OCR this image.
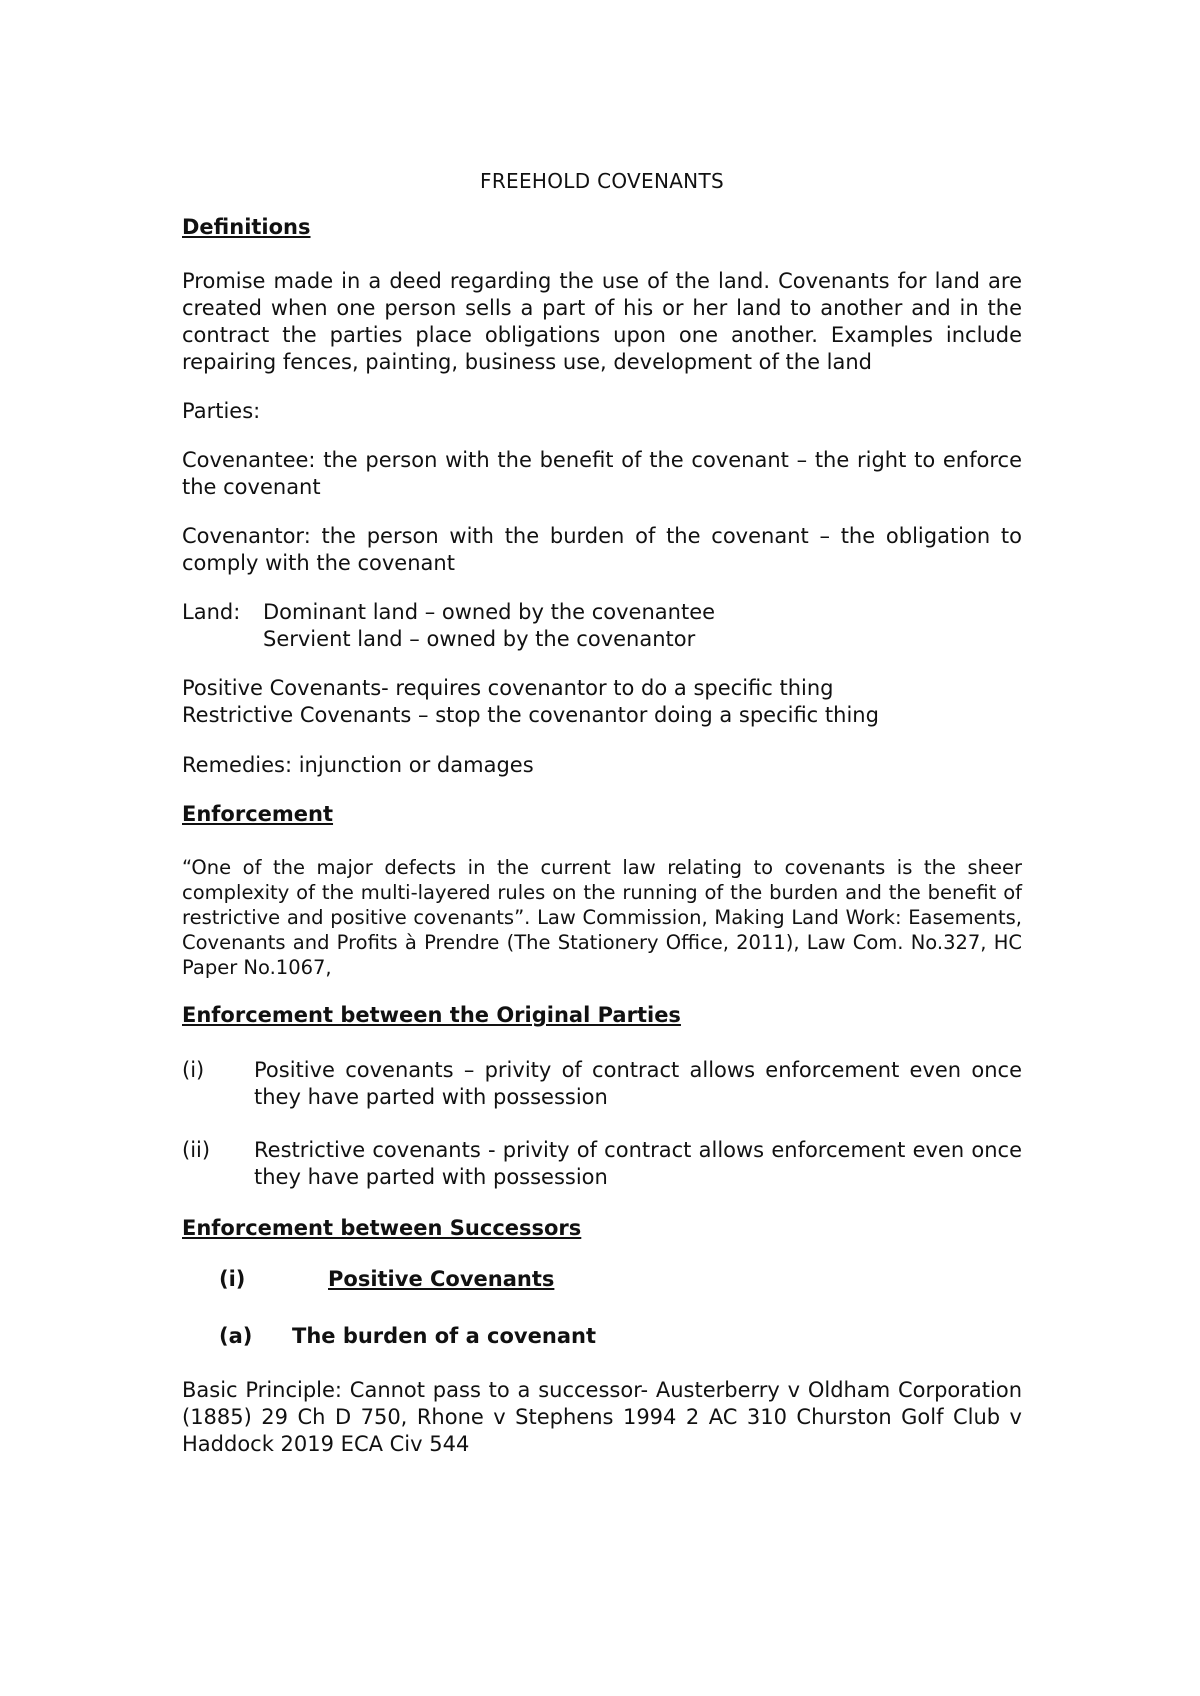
FREEHOLD COVENANTS

Definitions

Promise made in a deed regarding the use of the land. Covenants for land are created when one person sells a part of his or her land to another and in the contract the parties place obligations upon one another. Examples include repairing fences, painting, business use, development of the land

Parties:

Covenantee: the person with the benefit of the covenant – the right to enforce the covenant

Covenantor: the person with the burden of the covenant – the obligation to comply with the covenant

Land:	Dominant land – owned by the covenantee

Servient land – owned by the covenantor

Positive Covenants- requires covenantor to do a specific thing

Restrictive Covenants – stop the covenantor doing a specific thing

Remedies: injunction or damages

Enforcement

“One of the major defects in the current law relating to covenants is the sheer complexity of the multi-layered rules on the running of the burden and the benefit of restrictive and positive covenants”. Law Commission, Making Land Work: Easements, Covenants and Profits à Prendre (The Stationery Office, 2011), Law Com. No.327, HC Paper No.1067,

Enforcement between the Original Parties

(i)	Positive covenants – privity of contract allows enforcement even once they have parted with possession
(ii)	Restrictive covenants - privity of contract allows enforcement even once they have parted with possession

Enforcement between Successors

(i)	Positive Covenants
(a)	The burden of a covenant

Basic Principle: Cannot pass to a successor- Austerberry v Oldham Corporation (1885) 29 Ch D 750, Rhone v Stephens 1994 2 AC 310 Churston Golf Club v Haddock 2019 ECA Civ 544
